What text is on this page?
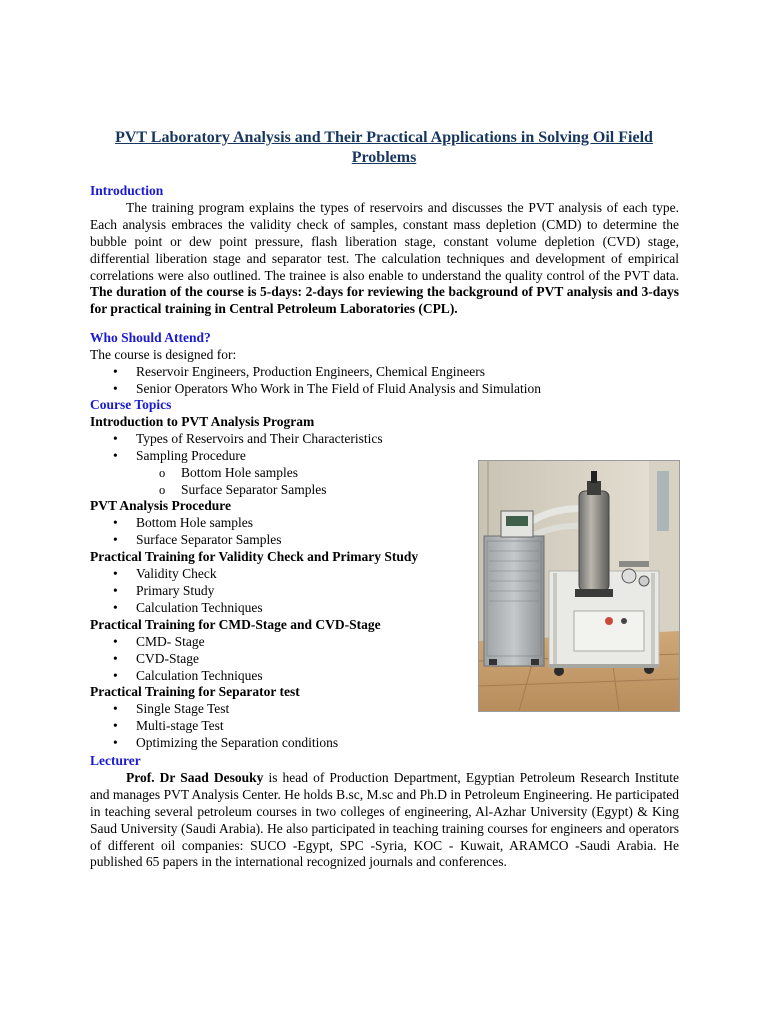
PVT Laboratory Analysis and Their Practical Applications in Solving Oil Field Problems
Introduction
The training program explains the types of reservoirs and discusses the PVT analysis of each type. Each analysis embraces the validity check of samples, constant mass depletion (CMD) to determine the bubble point or dew point pressure, flash liberation stage, constant volume depletion (CVD) stage, differential liberation stage and separator test. The calculation techniques and development of empirical correlations were also outlined. The trainee is also enable to understand the quality control of the PVT data. The duration of the course is 5-days: 2-days for reviewing the background of PVT analysis and 3-days for practical training in Central Petroleum Laboratories (CPL).
Who Should Attend?
The course is designed for:
• Reservoir Engineers, Production Engineers, Chemical Engineers
• Senior Operators Who Work in The Field of Fluid Analysis and Simulation
Course Topics
Introduction to PVT Analysis Program
• Types of Reservoirs and Their Characteristics
• Sampling Procedure
o Bottom Hole samples
o Surface Separator Samples
PVT Analysis Procedure
• Bottom Hole samples
• Surface Separator Samples
Practical Training for Validity Check and Primary Study
• Validity Check
• Primary Study
• Calculation Techniques
Practical Training for CMD-Stage and CVD-Stage
• CMD- Stage
• CVD-Stage
• Calculation Techniques
Practical Training for Separator test
• Single Stage Test
• Multi-stage Test
• Optimizing the Separation conditions
Lecturer
Prof. Dr Saad Desouky is head of Production Department, Egyptian Petroleum Research Institute and manages PVT Analysis Center. He holds B.sc, M.sc and Ph.D in Petroleum Engineering. He participated in teaching several petroleum courses in two colleges of engineering, Al-Azhar University (Egypt) & King Saud University (Saudi Arabia). He also participated in teaching training courses for engineers and operators of different oil companies: SUCO -Egypt, SPC -Syria, KOC - Kuwait, ARAMCO -Saudi Arabia. He published 65 papers in the international recognized journals and conferences.
